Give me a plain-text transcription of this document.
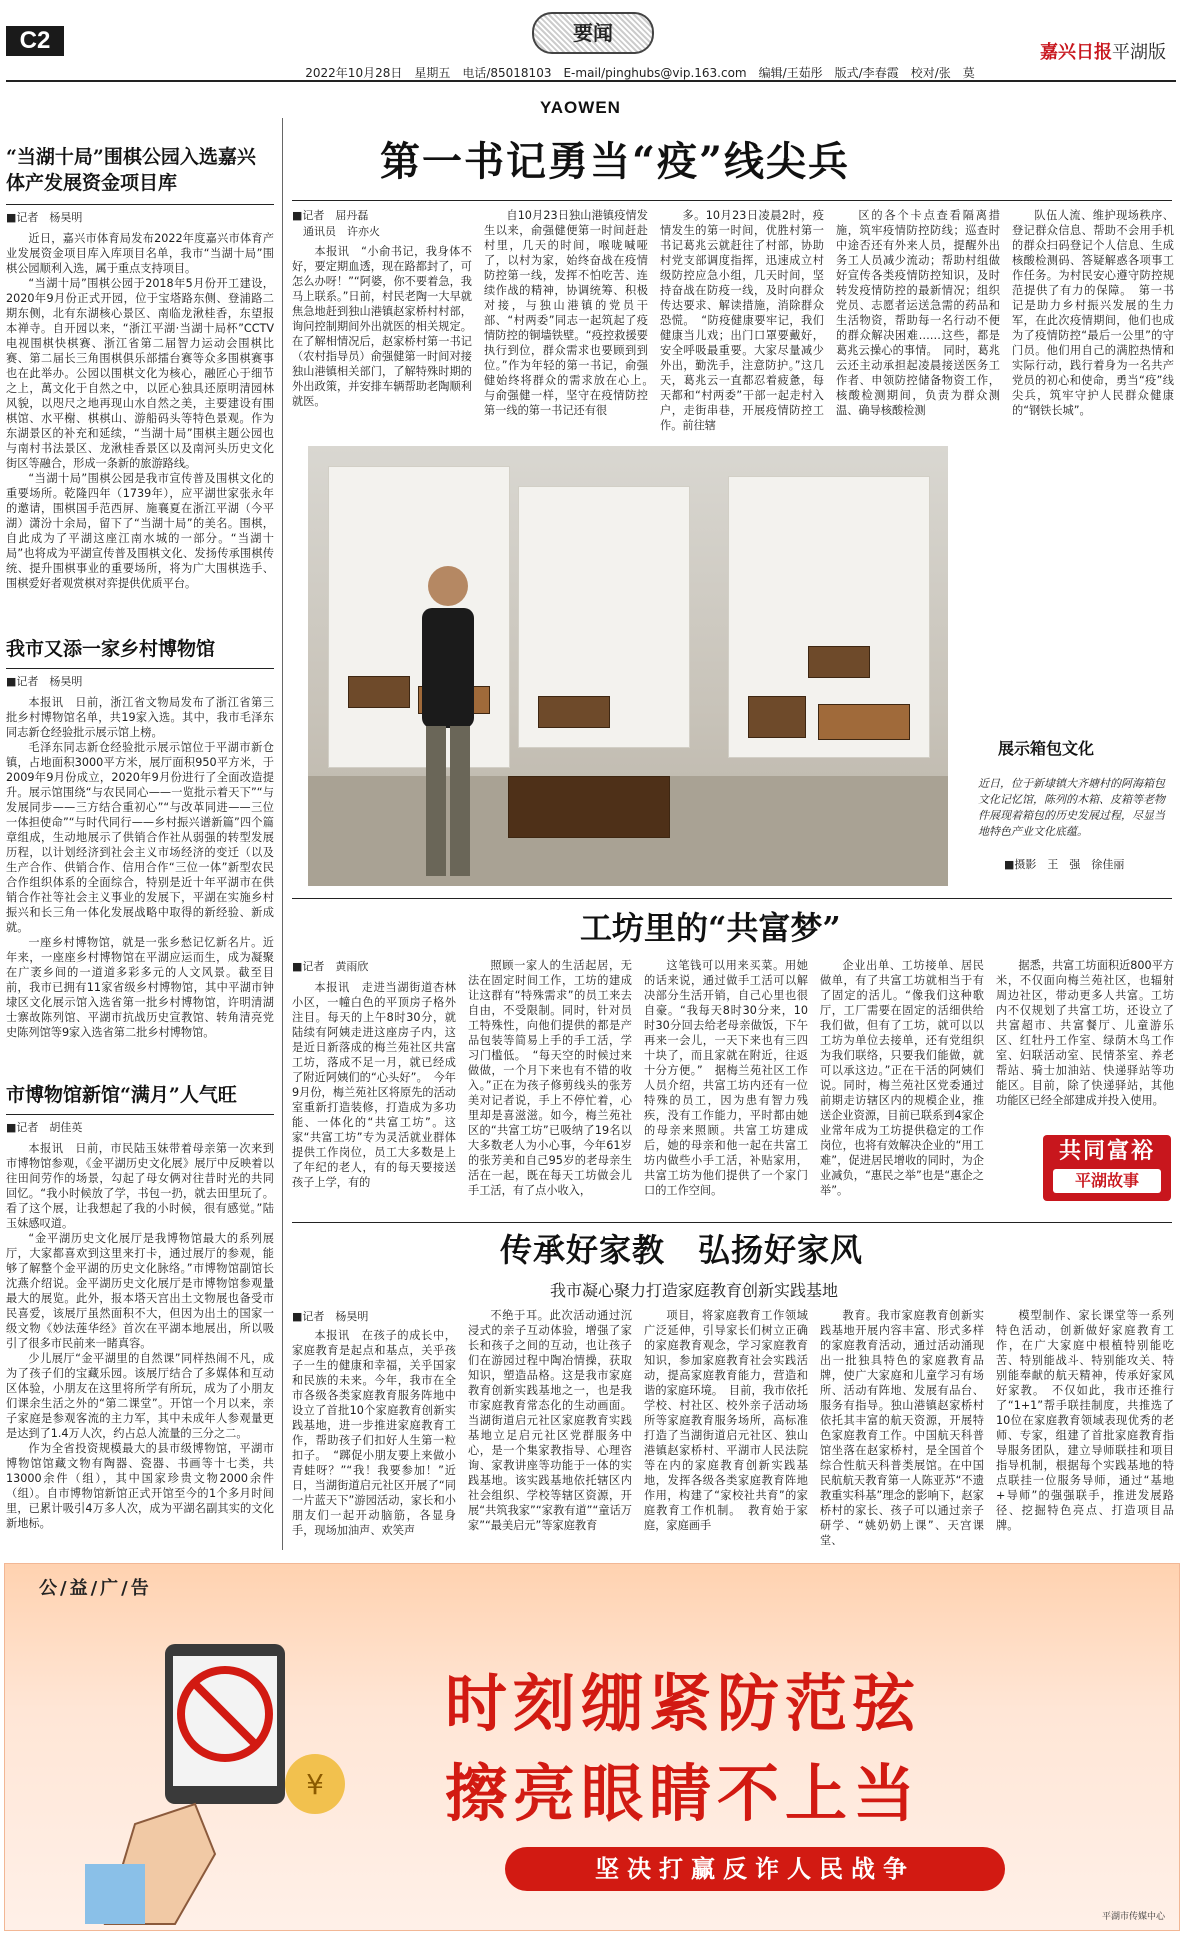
C2	要闻
嘉兴日报平湖版
2022年10月28日　星期五　电话/85018103　E-mail/pinghubs@vip.163.com　编辑/王茹彤　版式/李春霞　校对/张　莫
YAOWEN
“当湖十局”围棋公园入选嘉兴体产发展资金项目库
■记者　杨昊明

近日，嘉兴市体育局发布2022年度嘉兴市体育产业发展资金项目库入库项目名单，我市“当湖十局”围棋公园顺利入选，属于重点支持项目。

“当湖十局”围棋公园于2018年5月份开工建设，2020年9月份正式开园，位于宝塔路东侧、登浦路二期东侧，北有东湖核心景区、南临龙湫桂香，东望报本禅寺。自开园以来，“浙江平湖·当湖十局杯”CCTV电视围棋快棋赛、浙江省第二届智力运动会围棋比赛、第二届长三角围棋俱乐部擂台赛等众多围棋赛事也在此举办。公园以围棋文化为核心，融匠心于细节之上，萬文化于自然之中，以匠心独具还原明清园林风貌，以咫尺之地再现山水自然之美，主要建设有围棋馆、水平榭、棋棋山、游船码头等特色景观。作为东湖景区的补充和延续，“当湖十局”围棋主题公园也与南村书法景区、龙湫桂香景区以及南河头历史文化街区等融合，形成一条新的旅游路线。

“当湖十局”围棋公园是我市宣传普及围棋文化的重要场所。乾隆四年（1739年），应平湖世家张永年的邀请，围棋国手范西屏、施襄夏在浙江平湖（今平湖）潇汾十余局，留下了“当湖十局”的美名。围棋，自此成为了平湖这座江南水城的一部分。“当湖十局”也将成为平湖宣传普及围棋文化、发扬传承围棋传统、提升围棋事业的重要场所，将为广大围棋选手、围棋爱好者观赏棋对弈提供优质平台。

我市又添一家乡村博物馆
■记者　杨昊明

本报讯　日前，浙江省文物局发布了浙江省第三批乡村博物馆名单，共19家入选。其中，我市毛泽东同志新仓经验批示展示馆上榜。

毛泽东同志新仓经验批示展示馆位于平湖市新仓镇，占地面积3000平方米，展厅面积950平方米，于2009年9月份成立，2020年9月份进行了全面改造提升。展示馆围绕“与农民同心——一览批示着天下”“与发展同步——三方结合重初心”“与改革同进——三位一体担使命”“与时代同行——乡村振兴谱新篇”四个篇章组成，生动地展示了供销合作社从弱强的转型发展历程，以计划经济到社会主义市场经济的变迁（以及生产合作、供销合作、信用合作“三位一体”新型农民合作组织体系的全面综合，特别是近十年平湖市在供销合作社等社会主义事业的发展下，平湖在实施乡村振兴和长三角一体化发展战略中取得的新经验、新成就。

一座乡村博物馆，就是一张乡愁记忆新名片。近年来，一座座乡村博物馆在平湖应运而生，成为凝聚在广袤乡间的一道道多彩多元的人文风景。截至目前，我市已拥有11家省级乡村博物馆，其中平湖市钟埭区文化展示馆入选省第一批乡村博物馆，许明清湖士寨故陈列馆、平湖市抗战历史宣教馆、转角清亮党史陈列馆等9家入选省第二批乡村博物馆。

市博物馆新馆“满月”人气旺
■记者　胡佳英

本报讯　日前，市民陆玉妹带着母亲第一次来到市博物馆参观，《金平湖历史文化展》展厅中反映着以往田间劳作的场景，勾起了母女俩对往昔时光的共同回忆。“我小时候放了学，书包一扔，就去田里玩了。看了这个展，让我想起了我的小时候，很有感觉。”陆玉妹感叹道。

“金平湖历史文化展厅是我博物馆最大的系列展厅，大家都喜欢到这里来打卡，通过展厅的参观，能够了解整个金平湖的历史文化脉络。”市博物馆副馆长沈燕介绍说。金平湖历史文化展厅是市博物馆参观量最大的展览。此外，报本塔天宫出土文物展也备受市民喜爱，该展厅虽然面积不大，但因为出土的国家一级文物《妙法莲华经》首次在平湖本地展出，所以吸引了很多市民前来一睹真容。

少儿展厅“金平湖里的自然课”同样热闹不凡，成为了孩子们的宝藏乐园。该展厅结合了多媒体和互动区体验，小朋友在这里将所学有所玩，成为了小朋友们课余生活之外的“第二课堂”。开馆一个月以来，亲子家庭是参观客流的主力军，其中未成年人参观量更是达到了1.4万人次，约占总人流量的三分之二。

作为全省投资规模最大的县市级博物馆，平湖市博物馆馆藏文物有陶器、瓷器、书画等十七类，共13000余件（组），其中国家珍贵文物2000余件（组）。自市博物馆新馆正式开馆至今的1个多月时间里，已累计吸引4万多人次，成为平湖名副其实的文化新地标。

第一书记勇当“疫”线尖兵
■记者　屈丹磊
　通讯员　许亦火

本报讯　“小俞书记，我身体不好，要定期血透，现在路都封了，可怎么办呀！”“阿婆，你不要着急，我马上联系。”日前，村民老陶一大早就焦急地赶到独山港镇赵家桥村村部，询问控制期间外出就医的相关规定。在了解相情况后，赵家桥村第一书记（农村指导员）俞强健第一时间对接独山港镇相关部门，了解特殊时期的外出政策，并安排车辆帮助老陶顺利就医。

自10月23日独山港镇疫情发生以来，俞强健便第一时间赶赴村里，几天的时间，喉咙喊哑了，以村为家，始终奋战在疫情防控第一线，发挥不怕吃苦、连续作战的精神，协调统筹、积极对接，与独山港镇的党员干部、“村两委”同志一起筑起了疫情防控的铜墙铁壁。“疫控救援要执行到位，群众需求也要顾到到位。”作为年轻的第一书记，俞强健始终将群众的需求放在心上。　与俞强健一样，坚守在疫情防控第一线的第一书记还有很

多。10月23日凌晨2时，疫情发生的第一时间，优胜村第一书记葛兆云就赶往了村部，协助村党支部调度指挥，迅速成立村级防控应急小组，几天时间，坚持奋战在防疫一线，及时向群众传达要求、解读措施，消除群众恐慌。　“防疫健康要牢记，我们健康当儿戏；出门口罩要戴好，安全呼吸最重要。大家尽量减少外出，勤洗手，注意防护。”这几天，葛兆云一直都忍着疲惫，每天都和“村两委”干部一起走村入户，走街串巷，开展疫情防控工作。前往辖

区的各个卡点查看隔离措施，筑牢疫情防控防线；巡查时中途否还有外来人员，提醒外出务工人员减少流动；帮助村组做好宣传各类疫情防控知识，及时转发疫情防控的最新情况；组织党员、志愿者运送急需的药品和生活物资，帮助每一名行动不便的群众解决困难……这些，都是葛兆云操心的事情。　同时，葛兆云还主动承担起凌晨接送医务工作者、申领防控储备物资工作，核酸检测期间，负责为群众测温、确导核酸检测

队伍人流、维护现场秩序、登记群众信息、帮助不会用手机的群众扫码登记个人信息、生成核酸检测码、答疑解惑各项事工作任务。为村民安心遵守防控规范提供了有力的保障。　第一书记是助力乡村振兴发展的生力军，在此次疫情期间，他们也成为了疫情防控“最后一公里”的守门员。他们用自己的满腔热情和实际行动，践行着身为一名共产党员的初心和使命，勇当“疫”线尖兵，筑牢守护人民群众健康的“钢铁长城”。

展示箱包文化
近日，位于新埭镇大齐塘村的阿海箱包文化记忆馆，陈列的木箱、皮箱等老物件展现着箱包的历史发展过程，尽显当地特色产业文化底蕴。
■摄影　王　强　徐佳丽
工坊里的“共富梦”
■记者　黄雨欣

本报讯　走进当湖街道杏林小区，一幢白色的平顶房子格外注目。每天的上午8时30分，就陆续有阿姨走进这座房子内，这是近日新落成的梅兰苑社区共富工坊，落成不足一月，就已经成了附近阿姨们的“心头好”。　今年9月份，梅兰苑社区将原先的活动室重新打造装修，打造成为多功能、一体化的“共富工坊”。这家“共富工坊”专为灵活就业群体提供工作岗位，员工大多数是上了年纪的老人，有的每天要接送孩子上学，有的

照顾一家人的生活起居，无法在固定时间工作，工坊的建成让这群有“特殊需求”的员工来去自由，不受限制。同时，针对员工特殊性，向他们提供的都是产品包装等简易上手的手工活，学习门槛低。　“每天空的时候过来做做，一个月下来也有不错的收入。”正在为孩子修剪线头的张芳美对记者说，手上不停忙着，心里却是喜滋滋。如今，梅兰苑社区的“共富工坊”已吸纳了19名以大多数老人为小心事，今年61岁的张芳美和自己95岁的老母亲生活在一起，既在每天工坊做会儿手工活，有了点小收入，

这笔钱可以用来买菜。用她的话来说，通过做手工活可以解决部分生活开销，自己心里也很自豪。“我每天8时30分来，10时30分回去给老母亲做饭，下午再来一会儿，一天下来也有三四十块了，而且家就在附近，往返十分方便。”　据梅兰苑社区工作人员介绍，共富工坊内还有一位特殊的员工，因为患有智力残疾，没有工作能力，平时都由她的母亲来照顾。共富工坊建成后，她的母亲和他一起在共富工坊内做些小手工活，补贴家用，共富工坊为他们提供了一个家门口的工作空间。

企业出单、工坊接单、居民做单，有了共富工坊就相当于有了固定的活儿。“像我们这种歌厅，工厂需要在固定的活细供给我们做，但有了工坊，就可以以工坊为单位去接单，还有党组织为我们联络，只要我们能做，就可以承这边。”正在干活的阿姨们说。同时，梅兰苑社区党委通过前期走访辖区内的规模企业，推送企业资源，目前已联系到4家企业常年成为工坊提供稳定的工作岗位，也将有效解决企业的“用工难”，促进居民增收的同时，为企业减负，“惠民之举”也是“惠企之举”。

据悉，共富工坊面积近800平方米，不仅面向梅兰苑社区，也辐射周边社区，带动更多人共富。工坊内不仅规划了共富工坊，还设立了共富超市、共富餐厅、儿童游乐区、红牡丹工作室、绿荫木鸟工作室、妇联活动室、民情茶室、养老帮站、骑士加油站、快递驿站等功能区。目前，除了快递驿站，其他功能区已经全部建成并投入使用。

共同富裕
平湖故事
传承好家教　弘扬好家风
我市凝心聚力打造家庭教育创新实践基地
■记者　杨昊明

本报讯　在孩子的成长中，家庭教育是起点和基点，关乎孩子一生的健康和幸福，关乎国家和民族的未来。今年，我市在全市各级各类家庭教育服务阵地中设立了首批10个家庭教育创新实践基地，进一步推进家庭教育工作，帮助孩子们扣好人生第一粒扣子。　“踯促小朋友要上来做小青蛙呀？”“我！我要参加！”近日，当湖街道启元社区开展了“同一片蓝天下”游园活动，家长和小朋友们一起开动脑筋，各显身手，现场加油声、欢笑声

不绝于耳。此次活动通过沉浸式的亲子互动体验，增强了家长和孩子之间的互动，也让孩子们在游园过程中陶冶情操，获取知识，塑造品格。这是我市家庭教育创新实践基地之一，也是我市家庭教育常态化的生动画面。当湖街道启元社区家庭教育实践基地立足启元社区党群服务中心，是一个集家教指导、心理咨询、家教讲座等功能于一体的实践基地。该实践基地依托辖区内社会组织、学校等辖区资源，开展“共筑我家”“家教有道”“童话万家”“最美启元”等家庭教育

项目，将家庭教育工作领域广泛延伸，引导家长们树立正确的家庭教育观念，学习家庭教育知识，参加家庭教育社会实践活动，提高家庭教育能力，营造和谐的家庭环境。　目前，我市依托学校、村社区、校外亲子活动场所等家庭教育服务场所，高标准打造了当湖街道启元社区、独山港镇赵家桥村、平湖市人民法院等在内的家庭教育创新实践基地，发挥各级各类家庭教育阵地作用，构建了“家校社共育”的家庭教育工作机制。　教育始于家庭，家庭画手

教育。我市家庭教育创新实践基地开展内容丰富、形式多样的家庭教育活动，通过活动涌现出一批独具特色的家庭教育品牌，使广大家庭和儿童学习有场所、活动有阵地、发展有品台、服务有指导。独山港镇赵家桥村依托其丰富的航天资源，开展特色家庭教育工作。中国航天科普馆坐落在赵家桥村，是全国首个综合性航天科普类展馆。在中国民航航天教育第一人陈亚苏“不遗教重实科基”理念的影响下，赵家桥村的家长、孩子可以通过亲子研学、“姚奶奶上课”、天宫课堂、

模型制作、家长课堂等一系列特色活动，创新做好家庭教育工作，在广大家庭中根植特别能吃苦、特别能战斗、特别能攻关、特别能奉献的航天精神，传承好家风好家教。　不仅如此，我市还推行了“1+1”帮手联挂制度，共推选了10位在家庭教育领域表现优秀的老师、专家，组建了首批家庭教育指导服务团队，建立导师联挂和项目指导机制，根据每个实践基地的特点联挂一位服务导师，通过“基地+导师”的强强联手，推进发展路径、挖掘特色亮点、打造项目品牌。

公/益/广/告
¥
时刻绷紧防范弦
擦亮眼睛不上当
坚决打赢反诈人民战争
平湖市传媒中心
